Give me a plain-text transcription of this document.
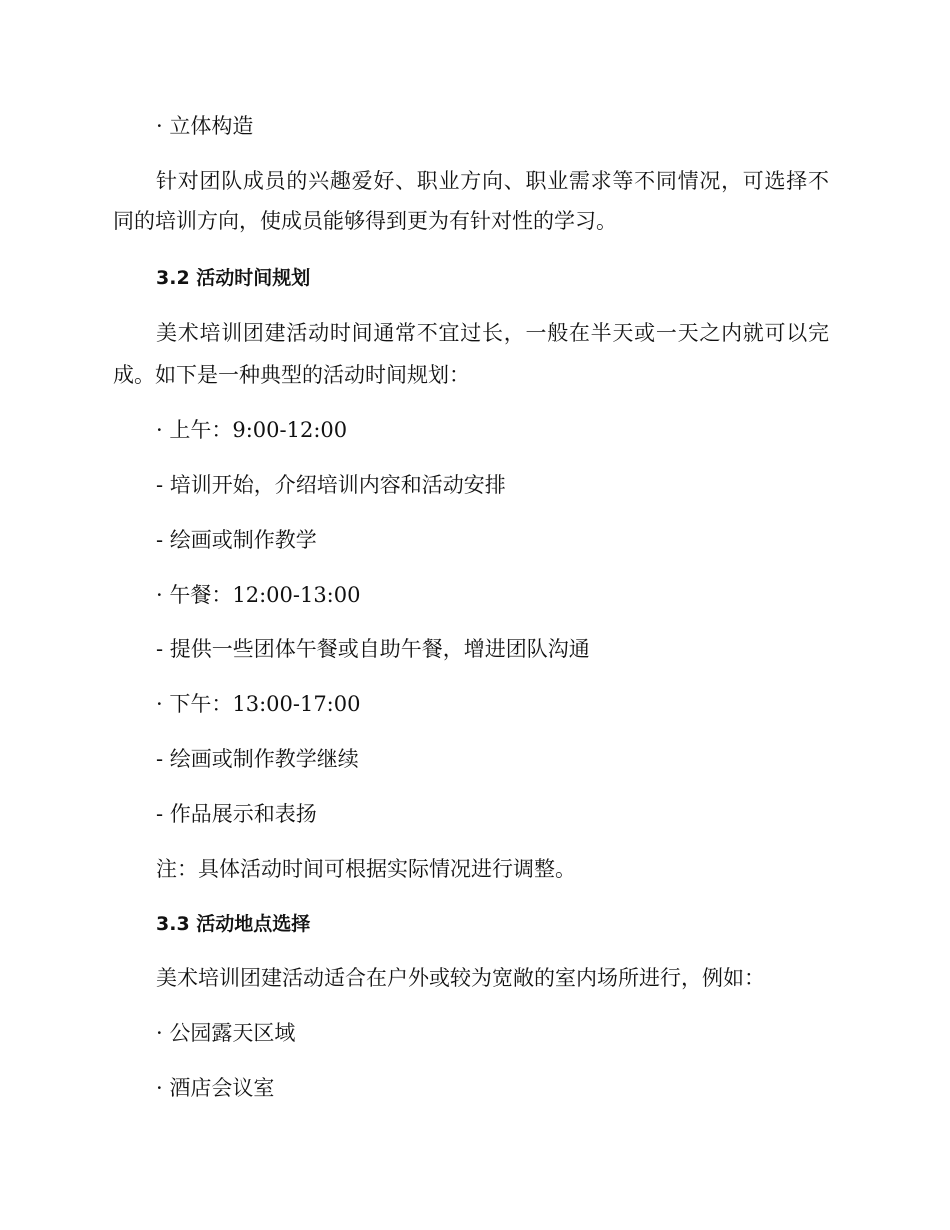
· 立体构造
针对团队成员的兴趣爱好、职业方向、职业需求等不同情况，可选择不
同的培训方向，使成员能够得到更为有针对性的学习。
3.2 活动时间规划
美术培训团建活动时间通常不宜过长，一般在半天或一天之内就可以完
成。如下是一种典型的活动时间规划：
· 上午：9:00-12:00
- 培训开始，介绍培训内容和活动安排
- 绘画或制作教学
· 午餐：12:00-13:00
- 提供一些团体午餐或自助午餐，增进团队沟通
· 下午：13:00-17:00
- 绘画或制作教学继续
- 作品展示和表扬
注：具体活动时间可根据实际情况进行调整。
3.3 活动地点选择
美术培训团建活动适合在户外或较为宽敞的室内场所进行，例如：
· 公园露天区域
· 酒店会议室
